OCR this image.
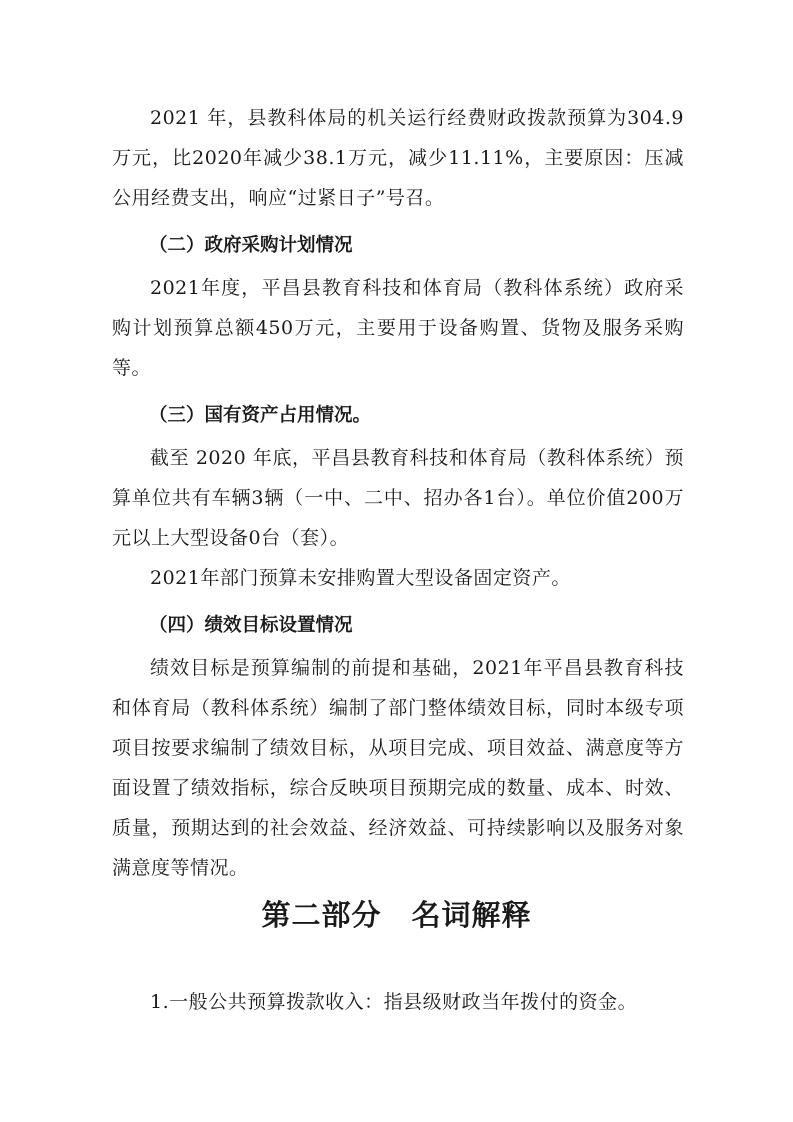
2021 年，县教科体局的机关运行经费财政拨款预算为304.9万元，比2020年减少38.1万元，减少11.11%，主要原因：压减公用经费支出，响应“过紧日子”号召。

（二）政府采购计划情况

2021年度，平昌县教育科技和体育局（教科体系统）政府采购计划预算总额450万元，主要用于设备购置、货物及服务采购等。

（三）国有资产占用情况。

截至 2020 年底，平昌县教育科技和体育局（教科体系统）预算单位共有车辆3辆（一中、二中、招办各1台）。单位价值200万元以上大型设备0台（套）。

2021年部门预算未安排购置大型设备固定资产。

（四）绩效目标设置情况

绩效目标是预算编制的前提和基础，2021年平昌县教育科技和体育局（教科体系统）编制了部门整体绩效目标，同时本级专项项目按要求编制了绩效目标，从项目完成、项目效益、满意度等方面设置了绩效指标，综合反映项目预期完成的数量、成本、时效、质量，预期达到的社会效益、经济效益、可持续影响以及服务对象满意度等情况。

第二部分　名词解释
1.一般公共预算拨款收入：指县级财政当年拨付的资金。
